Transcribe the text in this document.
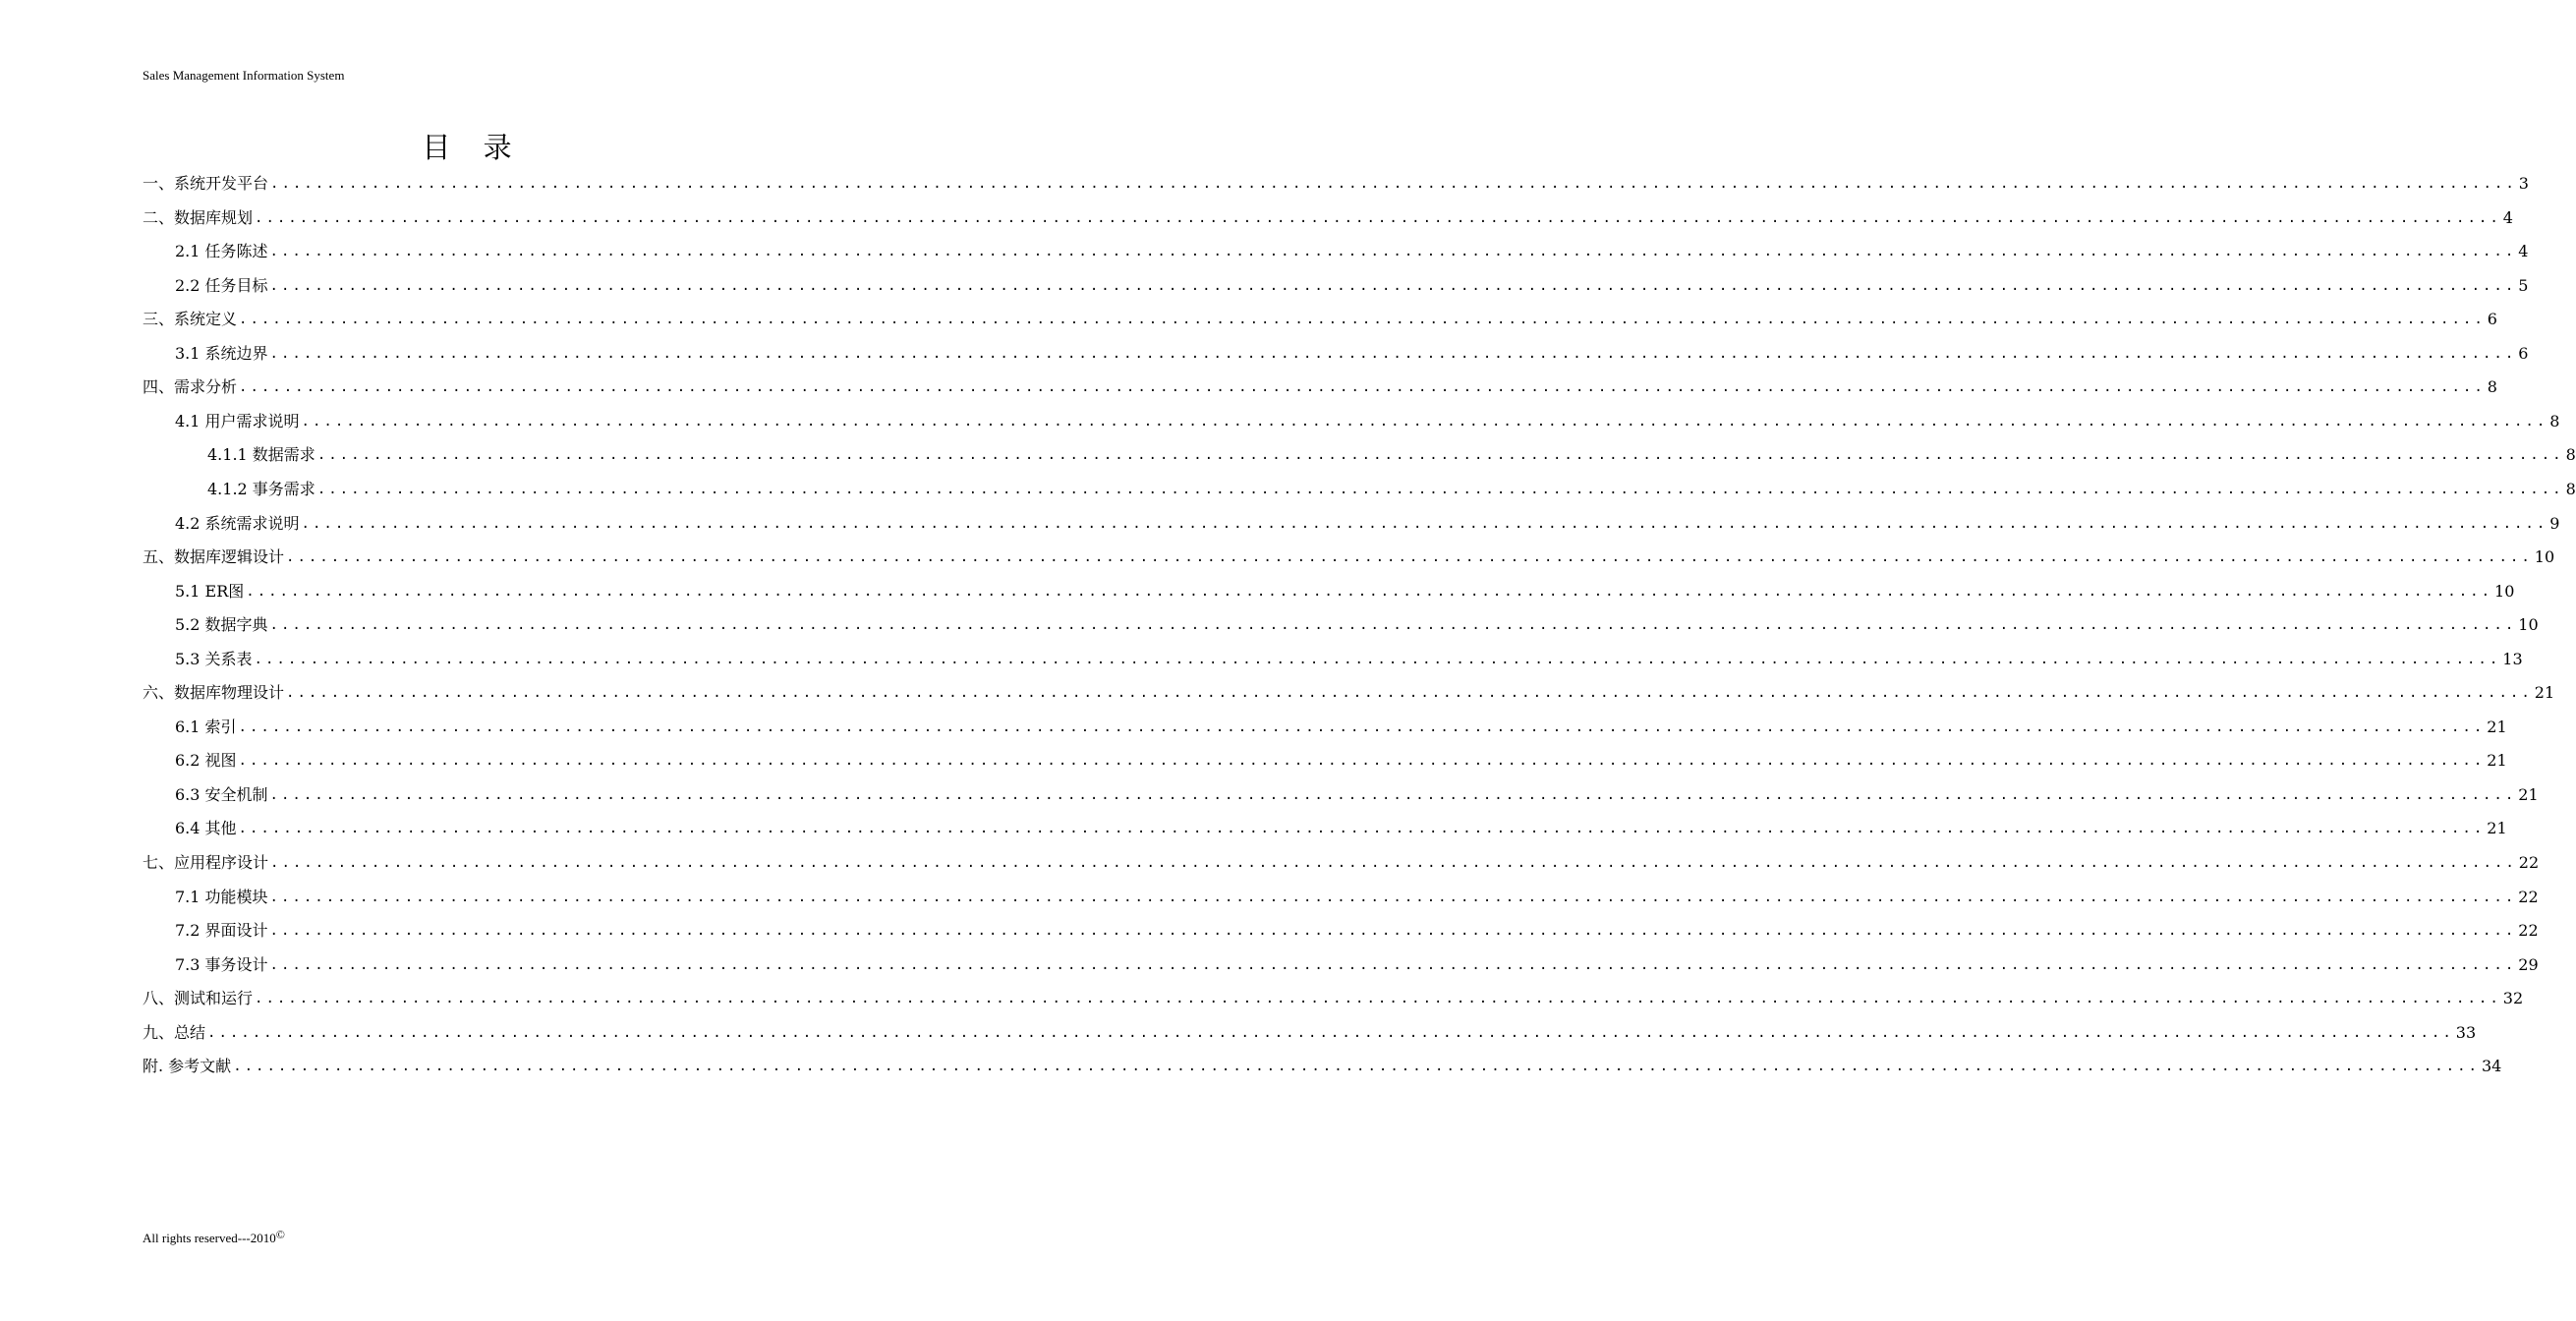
Sales Management Information System
目 录
一、系统开发平台 ........................................................................................................................................................................................................ 3
二、数据库规划 ........................................................................................................................................................................................................ 4
2.1 任务陈述 ........................................................................................................................................................................................................ 4
2.2 任务目标 ........................................................................................................................................................................................................ 5
三、系统定义 ........................................................................................................................................................................................................ 6
3.1 系统边界 ........................................................................................................................................................................................................ 6
四、需求分析 ........................................................................................................................................................................................................ 8
4.1 用户需求说明 ........................................................................................................................................................................................................ 8
4.1.1 数据需求 ........................................................................................................................................................................................................ 8
4.1.2 事务需求 ........................................................................................................................................................................................................ 8
4.2 系统需求说明 ........................................................................................................................................................................................................ 9
五、数据库逻辑设计 ........................................................................................................................................................................................................ 10
5.1 ER图 ........................................................................................................................................................................................................ 10
5.2 数据字典 ........................................................................................................................................................................................................ 10
5.3 关系表 ........................................................................................................................................................................................................ 13
六、数据库物理设计 ........................................................................................................................................................................................................ 21
6.1 索引 ........................................................................................................................................................................................................ 21
6.2 视图 ........................................................................................................................................................................................................ 21
6.3 安全机制 ........................................................................................................................................................................................................ 21
6.4 其他 ........................................................................................................................................................................................................ 21
七、应用程序设计 ........................................................................................................................................................................................................ 22
7.1 功能模块 ........................................................................................................................................................................................................ 22
7.2 界面设计 ........................................................................................................................................................................................................ 22
7.3 事务设计 ........................................................................................................................................................................................................ 29
八、测试和运行 ........................................................................................................................................................................................................ 32
九、总结 ........................................................................................................................................................................................................ 33
附. 参考文献 ........................................................................................................................................................................................................ 34
All rights reserved---2010©
